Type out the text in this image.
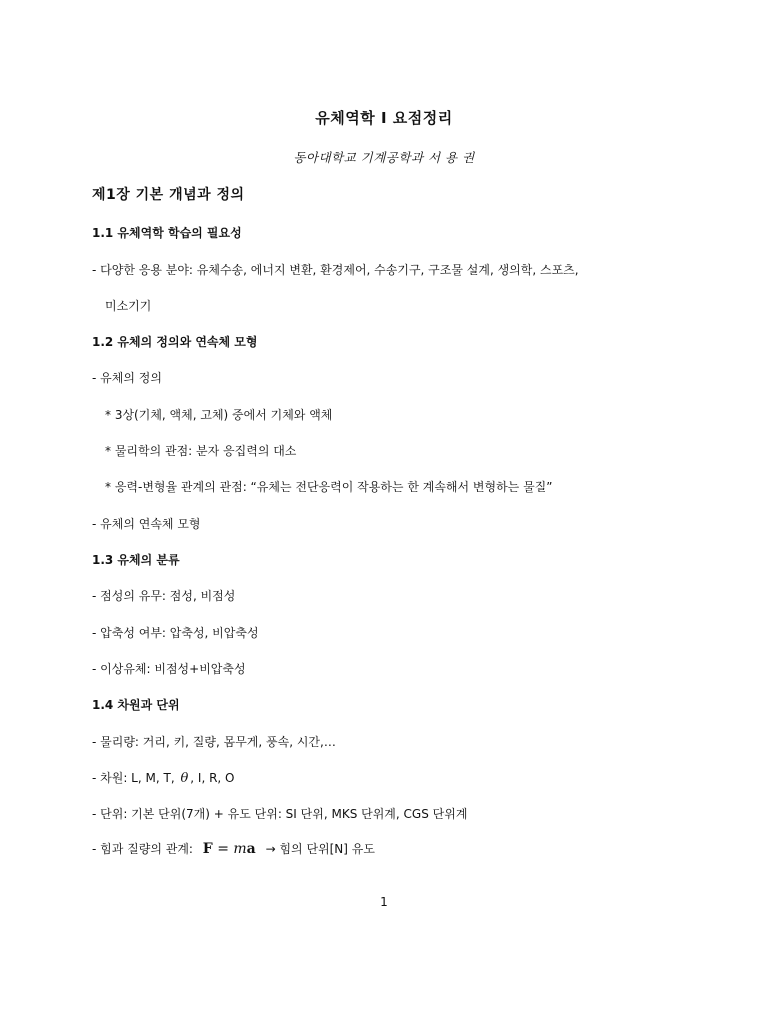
유체역학 I 요점정리
동아대학교 기계공학과 서 용 권
제1장 기본 개념과 정의
1.1 유체역학 학습의 필요성
- 다양한 응용 분야: 유체수송, 에너지 변환, 환경제어, 수송기구, 구조물 설계, 생의학, 스포츠,
미소기기
1.2 유체의 정의와 연속체 모형
- 유체의 정의
* 3상(기체, 액체, 고체) 중에서 기체와 액체
* 물리학의 관점: 분자 응집력의 대소
* 응력-변형율 관계의 관점: “유체는 전단응력이 작용하는 한 계속해서 변형하는 물질”
- 유체의 연속체 모형
1.3 유체의 분류
- 점성의 유무: 점성, 비점성
- 압축성 여부: 압축성, 비압축성
- 이상유체: 비점성+비압축성
1.4 차원과 단위
- 물리량: 거리, 키, 질량, 몸무게, 풍속, 시간,…
- 차원: L, M, T, θ , I, R, O
- 단위: 기본 단위(7개) + 유도 단위: SI 단위, MKS 단위계, CGS 단위계
- 힘과 질량의 관계: F = ma → 힘의 단위[N] 유도
1
